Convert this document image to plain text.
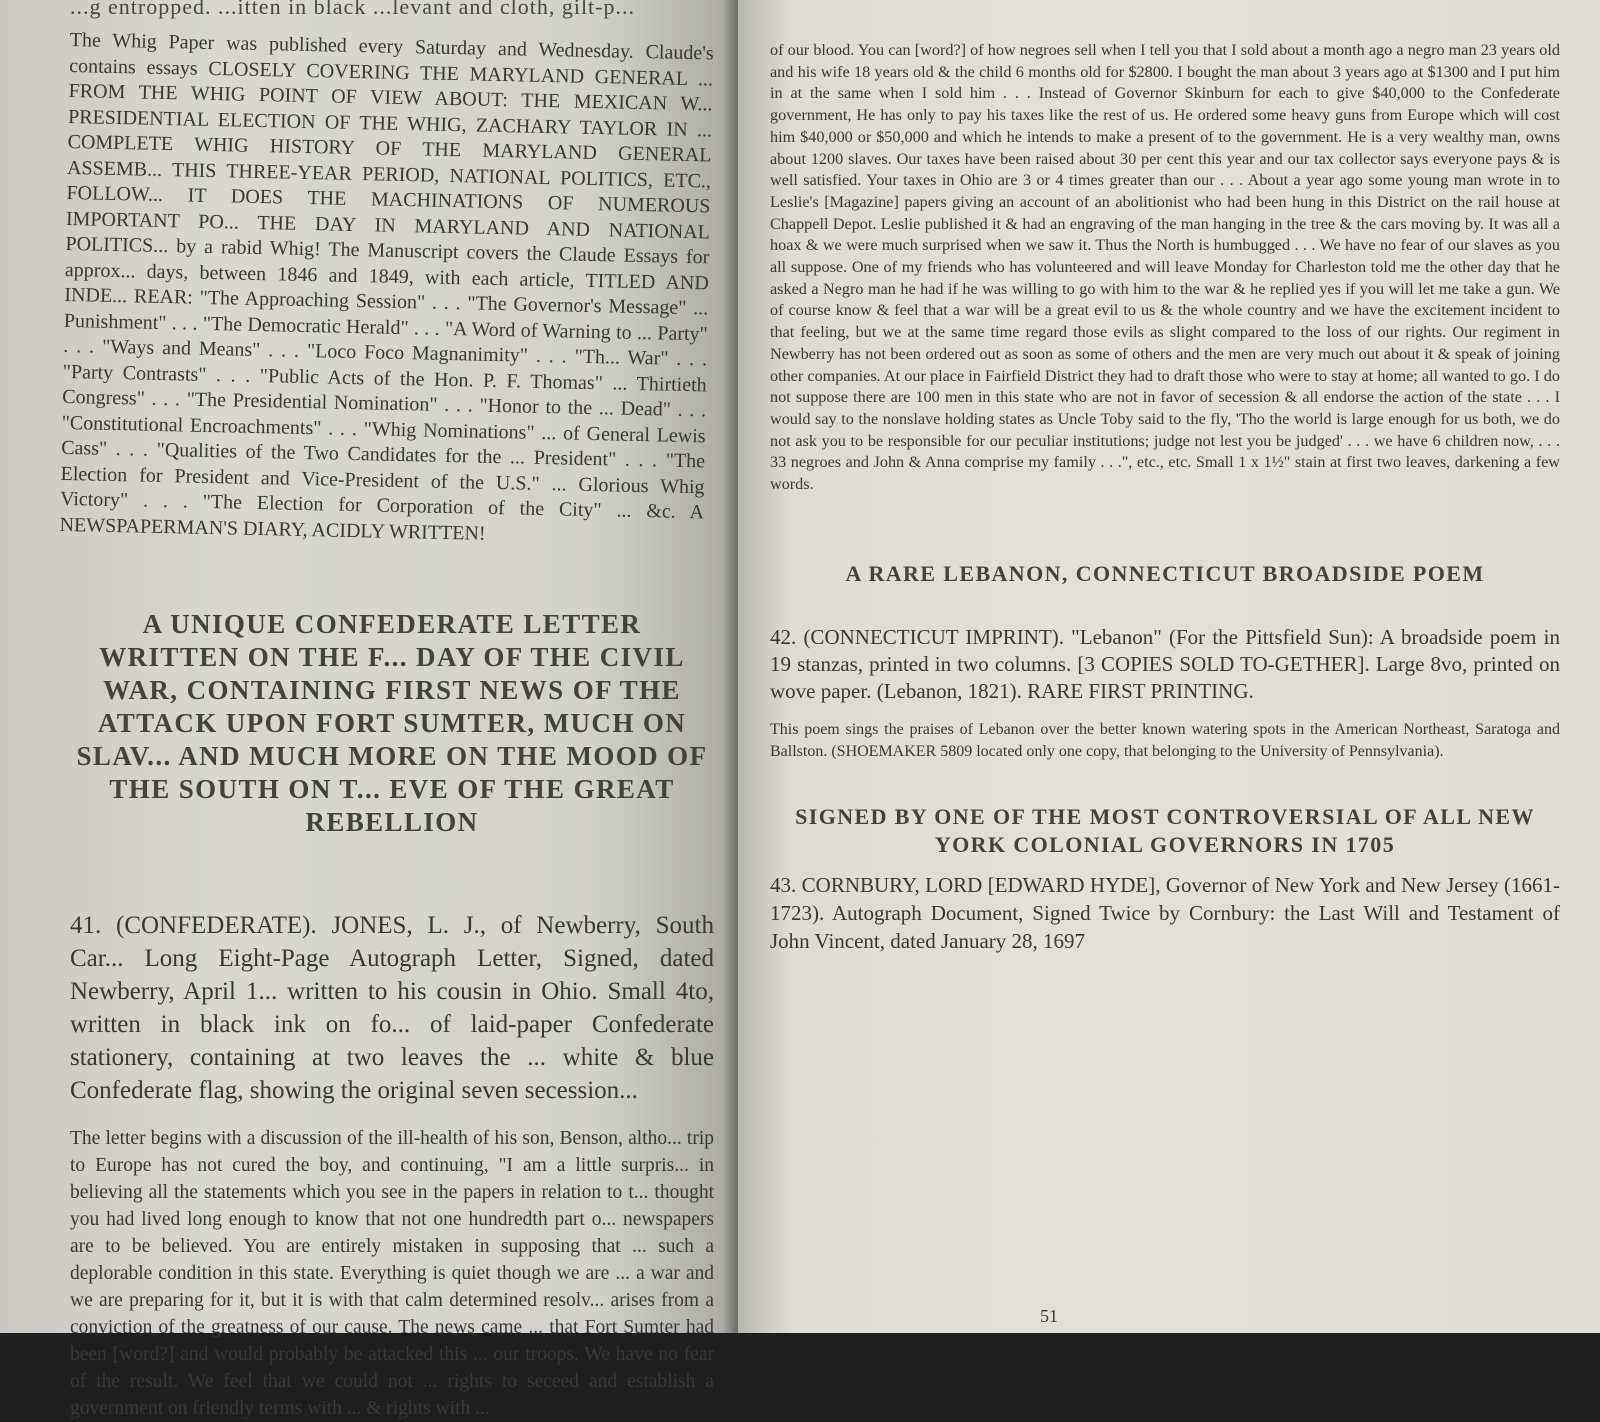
...g entropped. ...itten in black ...levant and cloth, gilt-p...

The Whig Paper was published every Saturday and Wednesday. Claude's contains essays CLOSELY COVERING THE MARYLAND GENERAL ... FROM THE WHIG POINT OF VIEW ABOUT: THE MEXICAN W... PRESIDENTIAL ELECTION OF THE WHIG, ZACHARY TAYLOR IN ... COMPLETE WHIG HISTORY OF THE MARYLAND GENERAL ASSEMB... THIS THREE-YEAR PERIOD, NATIONAL POLITICS, ETC., FOLLOW... IT DOES THE MACHINATIONS OF NUMEROUS IMPORTANT PO... THE DAY IN MARYLAND AND NATIONAL POLITICS... by a rabid Whig! The Manuscript covers the Claude Essays for approx... days, between 1846 and 1849, with each article, TITLED AND INDE... REAR: "The Approaching Session" . . . "The Governor's Message" ... Punishment" . . . "The Democratic Herald" . . . "A Word of Warning to ... Party" . . . "Ways and Means" . . . "Loco Foco Magnanimity" . . . "Th... War" . . . "Party Contrasts" . . . "Public Acts of the Hon. P. F. Thomas" ... Thirtieth Congress" . . . "The Presidential Nomination" . . . "Honor to the ... Dead" . . . "Constitutional Encroachments" . . . "Whig Nominations" ... of General Lewis Cass" . . . "Qualities of the Two Candidates for the ... President" . . . "The Election for President and Vice-President of the U.S." ... Glorious Whig Victory" . . . "The Election for Corporation of the City" ... &c. A NEWSPAPERMAN'S DIARY, ACIDLY WRITTEN!

A UNIQUE CONFEDERATE LETTER WRITTEN ON THE F... DAY OF THE CIVIL WAR, CONTAINING FIRST NEWS OF THE ATTACK UPON FORT SUMTER, MUCH ON SLAV... AND MUCH MORE ON THE MOOD OF THE SOUTH ON T... EVE OF THE GREAT REBELLION

41. (CONFEDERATE). JONES, L. J., of Newberry, South Car... Long Eight-Page Autograph Letter, Signed, dated Newberry, April 1... written to his cousin in Ohio. Small 4to, written in black ink on fo... of laid-paper Confederate stationery, containing at two leaves the ... white & blue Confederate flag, showing the original seven secession...

The letter begins with a discussion of the ill-health of his son, Benson, altho... trip to Europe has not cured the boy, and continuing, "I am a little surpris... in believing all the statements which you see in the papers in relation to t... thought you had lived long enough to know that not one hundredth part o... newspapers are to be believed. You are entirely mistaken in supposing that ... such a deplorable condition in this state. Everything is quiet though we are ... a war and we are preparing for it, but it is with that calm determined resolv... arises from a conviction of the greatness of our cause. The news came ... that Fort Sumter had been [word?] and would probably be attacked this ... our troops. We have no fear of the result. We feel that we could not ... rights to seceed and establish a government on friendly terms with ... & rights with ...

of our blood. You can [word?] of how negroes sell when I tell you that I sold about a month ago a negro man 23 years old and his wife 18 years old & the child 6 months old for $2800. I bought the man about 3 years ago at $1300 and I put him in at the same when I sold him . . . Instead of Governor Skinburn for each to give $40,000 to the Confederate government, He has only to pay his taxes like the rest of us. He ordered some heavy guns from Europe which will cost him $40,000 or $50,000 and which he intends to make a present of to the government. He is a very wealthy man, owns about 1200 slaves. Our taxes have been raised about 30 per cent this year and our tax collector says everyone pays & is well satisfied. Your taxes in Ohio are 3 or 4 times greater than our . . . About a year ago some young man wrote in to Leslie's [Magazine] papers giving an account of an abolitionist who had been hung in this District on the rail house at Chappell Depot. Leslie published it & had an engraving of the man hanging in the tree & the cars moving by. It was all a hoax & we were much surprised when we saw it. Thus the North is humbugged . . . We have no fear of our slaves as you all suppose. One of my friends who has volunteered and will leave Monday for Charleston told me the other day that he asked a Negro man he had if he was willing to go with him to the war & he replied yes if you will let me take a gun. We of course know & feel that a war will be a great evil to us & the whole country and we have the excitement incident to that feeling, but we at the same time regard those evils as slight compared to the loss of our rights. Our regiment in Newberry has not been ordered out as soon as some of others and the men are very much out about it & speak of joining other companies. At our place in Fairfield District they had to draft those who were to stay at home; all wanted to go. I do not suppose there are 100 men in this state who are not in favor of secession & all endorse the action of the state . . . I would say to the nonslave holding states as Uncle Toby said to the fly, 'Tho the world is large enough for us both, we do not ask you to be responsible for our peculiar institutions; judge not lest you be judged' . . . we have 6 children now, . . . 33 negroes and John & Anna comprise my family . . .", etc., etc. Small 1 x 1½" stain at first two leaves, darkening a few words.

A RARE LEBANON, CONNECTICUT BROADSIDE POEM

42. (CONNECTICUT IMPRINT). "Lebanon" (For the Pittsfield Sun): A broadside poem in 19 stanzas, printed in two columns. [3 COPIES SOLD TO-GETHER]. Large 8vo, printed on wove paper. (Lebanon, 1821). RARE FIRST PRINTING.

This poem sings the praises of Lebanon over the better known watering spots in the American Northeast, Saratoga and Ballston. (SHOEMAKER 5809 located only one copy, that belonging to the University of Pennsylvania).

SIGNED BY ONE OF THE MOST CONTROVERSIAL OF ALL NEW YORK COLONIAL GOVERNORS IN 1705

43. CORNBURY, LORD [EDWARD HYDE], Governor of New York and New Jersey (1661-1723). Autograph Document, Signed Twice by Cornbury: the Last Will and Testament of John Vincent, dated January 28, 1697

51
